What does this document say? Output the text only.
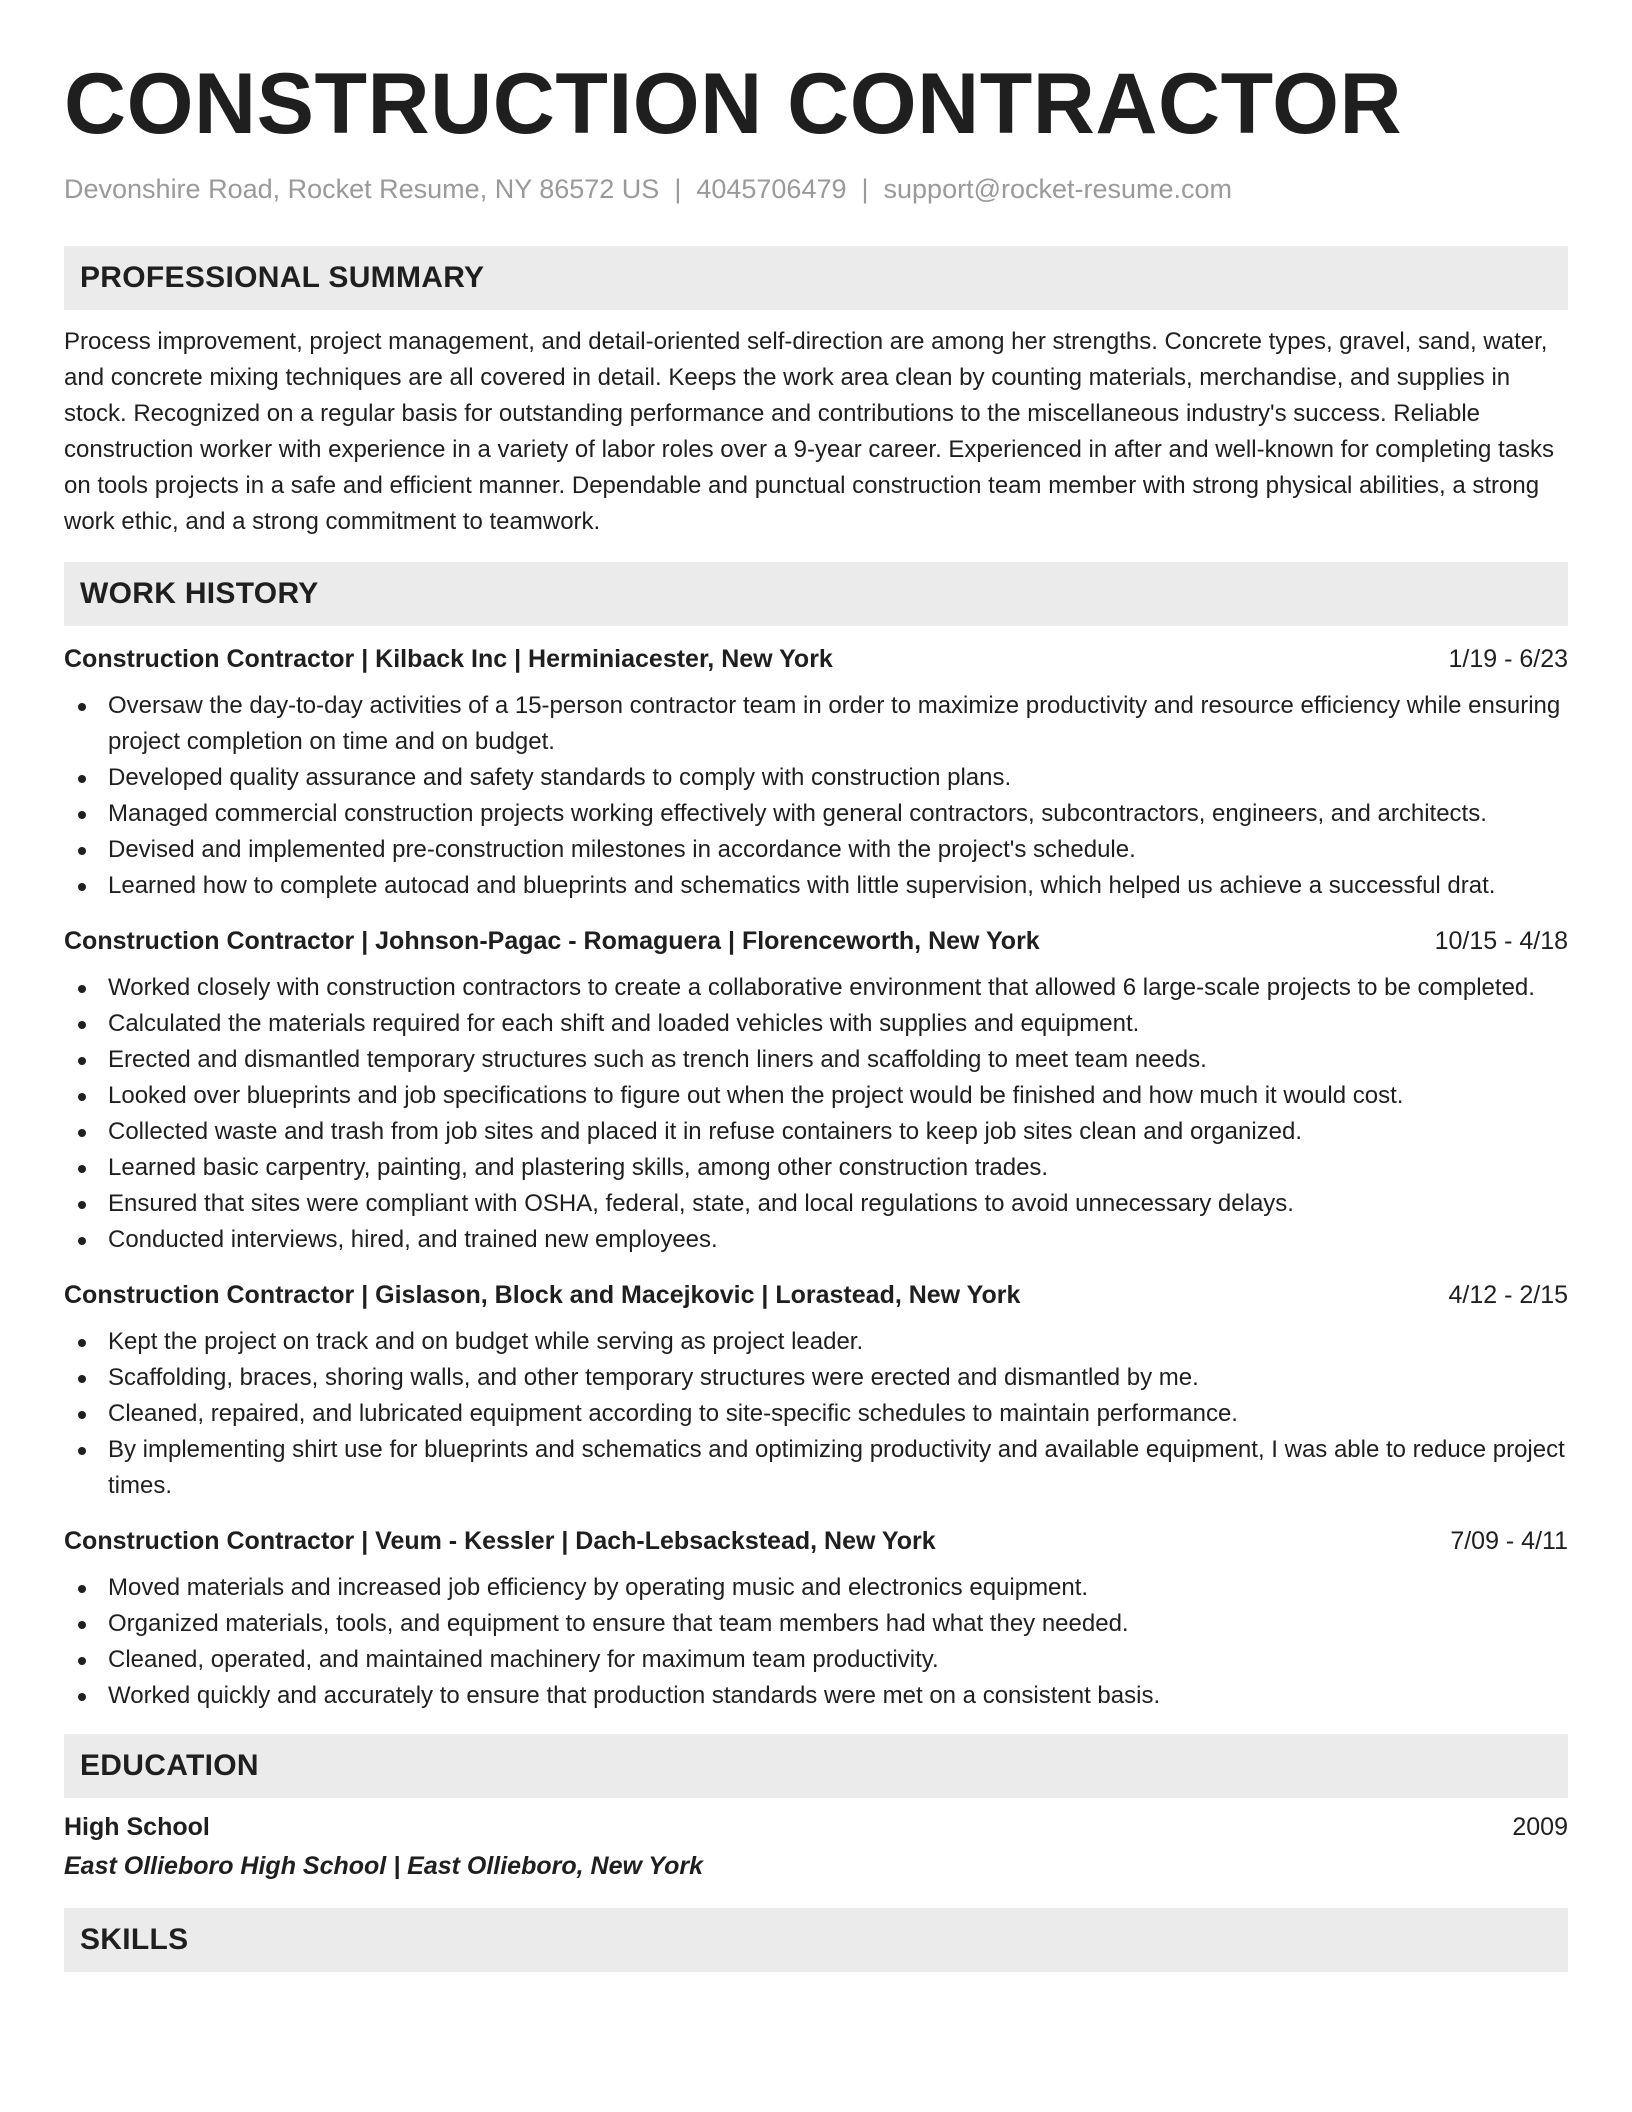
CONSTRUCTION CONTRACTOR
Devonshire Road, Rocket Resume, NY 86572 US | 4045706479 | support@rocket-resume.com
PROFESSIONAL SUMMARY
Process improvement, project management, and detail-oriented self-direction are among her strengths. Concrete types, gravel, sand, water, and concrete mixing techniques are all covered in detail. Keeps the work area clean by counting materials, merchandise, and supplies in stock. Recognized on a regular basis for outstanding performance and contributions to the miscellaneous industry's success. Reliable construction worker with experience in a variety of labor roles over a 9-year career. Experienced in after and well-known for completing tasks on tools projects in a safe and efficient manner. Dependable and punctual construction team member with strong physical abilities, a strong work ethic, and a strong commitment to teamwork.
WORK HISTORY
Construction Contractor | Kilback Inc | Herminiacester, New York	1/19 - 6/23
Oversaw the day-to-day activities of a 15-person contractor team in order to maximize productivity and resource efficiency while ensuring project completion on time and on budget.
Developed quality assurance and safety standards to comply with construction plans.
Managed commercial construction projects working effectively with general contractors, subcontractors, engineers, and architects.
Devised and implemented pre-construction milestones in accordance with the project's schedule.
Learned how to complete autocad and blueprints and schematics with little supervision, which helped us achieve a successful drat.
Construction Contractor | Johnson-Pagac - Romaguera | Florenceworth, New York	10/15 - 4/18
Worked closely with construction contractors to create a collaborative environment that allowed 6 large-scale projects to be completed.
Calculated the materials required for each shift and loaded vehicles with supplies and equipment.
Erected and dismantled temporary structures such as trench liners and scaffolding to meet team needs.
Looked over blueprints and job specifications to figure out when the project would be finished and how much it would cost.
Collected waste and trash from job sites and placed it in refuse containers to keep job sites clean and organized.
Learned basic carpentry, painting, and plastering skills, among other construction trades.
Ensured that sites were compliant with OSHA, federal, state, and local regulations to avoid unnecessary delays.
Conducted interviews, hired, and trained new employees.
Construction Contractor | Gislason, Block and Macejkovic | Lorastead, New York	4/12 - 2/15
Kept the project on track and on budget while serving as project leader.
Scaffolding, braces, shoring walls, and other temporary structures were erected and dismantled by me.
Cleaned, repaired, and lubricated equipment according to site-specific schedules to maintain performance.
By implementing shirt use for blueprints and schematics and optimizing productivity and available equipment, I was able to reduce project times.
Construction Contractor | Veum - Kessler | Dach-Lebsackstead, New York	7/09 - 4/11
Moved materials and increased job efficiency by operating music and electronics equipment.
Organized materials, tools, and equipment to ensure that team members had what they needed.
Cleaned, operated, and maintained machinery for maximum team productivity.
Worked quickly and accurately to ensure that production standards were met on a consistent basis.
EDUCATION
High School	2009
East Ollieboro High School | East Ollieboro, New York
SKILLS
